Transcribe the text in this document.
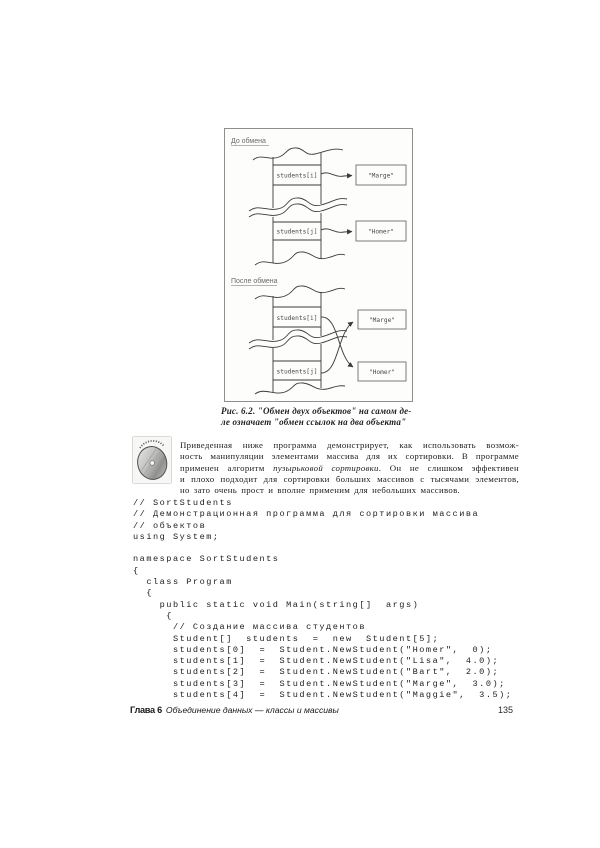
До обмена
students[i]
students[j]
"Marge"
"Homer"
После обмена
students[i]
students[j]
"Marge"
"Homer"
Рис. 6.2. "Обмен двух объектов" на самом де-
ле означает "обмен ссылок на два объекта"
Приведенная ниже программа демонстрирует, как использовать возмож-
ность манипуляции элементами массива для их сортировки. В программе
применен алгоритм пузырьковой сортировки. Он не слишком эффективен
и плохо подходит для сортировки больших массивов с тысячами элементов,
но зато очень прост и вполне применим для небольших массивов.
// SortStudents
// Демонстрационная программа для сортировки массива
// объектов
using System;
namespace SortStudents
{
class Program
{
public static void Main(string[]  args)
{
// Создание массива студентов
Student[]  students  =  new  Student[5];
students[0]  =  Student.NewStudent("Homer",  0);
students[1]  =  Student.NewStudent("Lisa",  4.0);
students[2]  =  Student.NewStudent("Bart",  2.0);
students[3]  =  Student.NewStudent("Marge",  3.0);
students[4]  =  Student.NewStudent("Maggie",  3.5);
Глава 6 Объединение данных — классы и массивы	135
